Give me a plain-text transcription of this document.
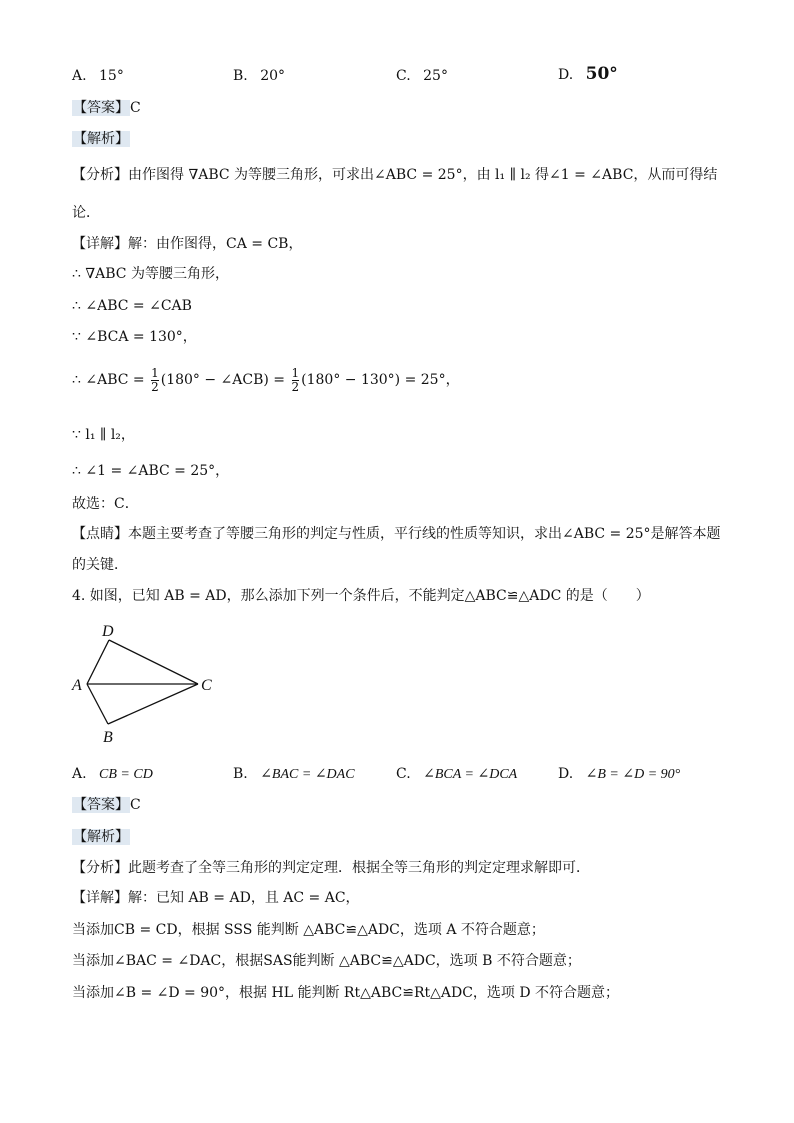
A. 15°	B. 20°	C. 25°	D. 50°
【答案】C
【解析】
【分析】由作图得 ∇ABC 为等腰三角形，可求出∠ABC = 25°，由 l₁ ∥ l₂ 得∠1 = ∠ABC，从而可得结
论．
【详解】解：由作图得，CA = CB，
∴ ∇ABC 为等腰三角形，
∴ ∠ABC = ∠CAB
∵ ∠BCA = 130°，
∴ ∠ABC = $\frac{1}{2} (180^\circ$ − ∠ACB) = $\frac{1}{2} (180^\circ - 130^\circ) = 25^\circ$，
∵ l₁ ∥ l₂，
∴ ∠1 = ∠ABC = 25°，
故选：C．
【点睛】本题主要考查了等腰三角形的判定与性质，平行线的性质等知识，求出∠ABC = 25°是解答本题
的关键．
4. 如图，已知 AB = AD，那么添加下列一个条件后，不能判定△ABC≌△ADC 的是（　　）
D
A	C
B
A. CB = CD	B. ∠BAC = ∠DAC	C. ∠BCA = ∠DCA	D. ∠B = ∠D = 90°
【答案】C
【解析】
【分析】此题考查了全等三角形的判定定理．根据全等三角形的判定定理求解即可．
【详解】解：已知 AB = AD，且 AC = AC，
当添加CB = CD，根据 SSS 能判断 △ABC≌△ADC，选项 A 不符合题意；
当添加∠BAC = ∠DAC，根据SAS能判断 △ABC≌△ADC，选项 B 不符合题意；
当添加∠B = ∠D = 90°，根据 HL 能判断 Rt△ABC≌Rt△ADC，选项 D 不符合题意；
